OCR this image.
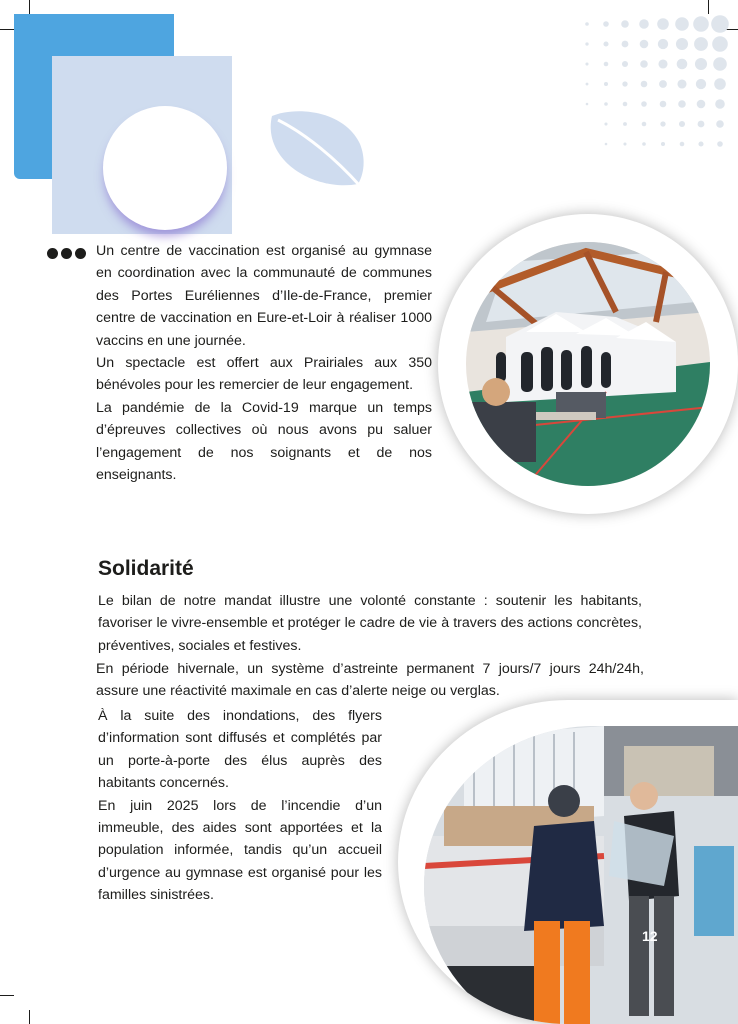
Un centre de vaccination est organisé au gymnase en coordination avec la communauté de communes des Portes Euréliennes d’Ile-de-France, premier centre de vaccination en Eure-et-Loir à réaliser 1000 vaccins en une journée.

Un spectacle est offert aux Prairiales aux 350 bénévoles pour les remercier de leur engagement.

La pandémie de la Covid-19 marque un temps d’épreuves collectives où nous avons pu saluer l’engagement de nos soignants et de nos enseignants.

Solidarité

Le bilan de notre mandat illustre une volonté constante : soutenir les habitants, favoriser le vivre-ensemble et protéger le cadre de vie à travers des actions concrètes, préventives, sociales et festives.

En période hivernale, un système d’astreinte permanent 7 jours/7 jours 24h/24h, assure une réactivité maximale en cas d’alerte neige ou verglas.

À la suite des inondations, des flyers d’information sont diffusés et complétés par un porte-à-porte des élus auprès des habitants concernés.

En juin 2025 lors de l’incendie d’un immeuble, des aides sont apportées et la population informée, tandis qu’un accueil d’urgence au gymnase est organisé pour les familles sinistrées.

12
